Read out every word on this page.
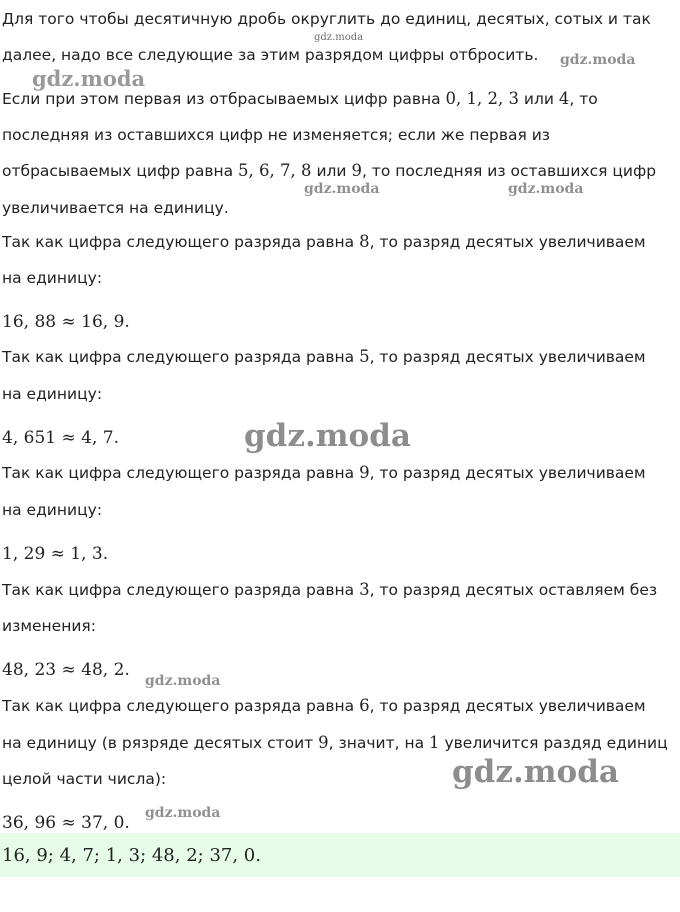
Для того чтобы десятичную дробь округлить до единиц, десятых, сотых и так
далее, надо все следующие за этим разрядом цифры отбросить.
Если при этом первая из отбрасываемых цифр равна 0, 1, 2, 3 или 4, то
последняя из оставшихся цифр не изменяется; если же первая из
отбрасываемых цифр равна 5, 6, 7, 8 или 9, то последняя из оставшихся цифр
увеличивается на единицу.
Так как цифра следующего разряда равна 8, то разряд десятых увеличиваем
на единицу:
16, 88 ≈ 16, 9.
Так как цифра следующего разряда равна 5, то разряд десятых увеличиваем
на единицу:
4, 651 ≈ 4, 7.
Так как цифра следующего разряда равна 9, то разряд десятых увеличиваем
на единицу:
1, 29 ≈ 1, 3.
Так как цифра следующего разряда равна 3, то разряд десятых оставляем без
изменения:
48, 23 ≈ 48, 2.
Так как цифра следующего разряда равна 6, то разряд десятых увеличиваем
на единицу (в рязряде десятых стоит 9, значит, на 1 увеличится раздяд единиц
целой части числа):
36, 96 ≈ 37, 0.
16, 9; 4, 7; 1, 3; 48, 2; 37, 0.
gdz.moda
gdz.moda
gdz.moda
gdz.moda	gdz.moda
gdz.moda
gdz.moda
gdz.moda
gdz.moda
